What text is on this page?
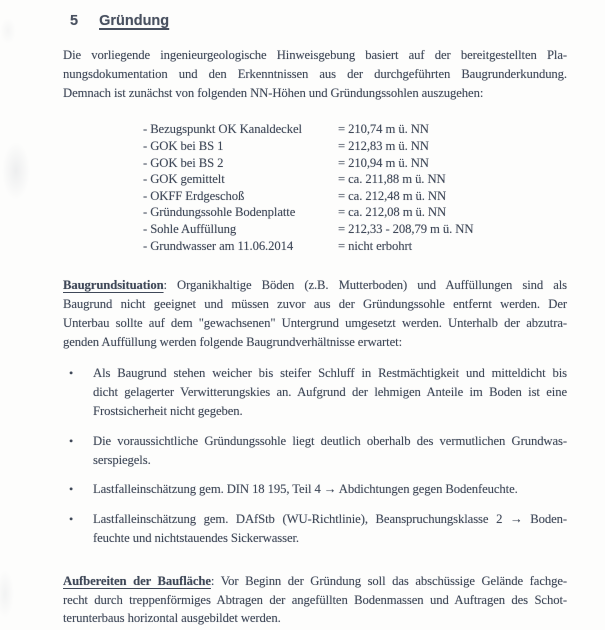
5 Gründung
Die vorliegende ingenieurgeologische Hinweisgebung basiert auf der bereitgestellten Pla-
nungsdokumentation und den Erkenntnissen aus der durchgeführten Baugrunderkundung.
Demnach ist zunächst von folgenden NN-Höhen und Gründungssohlen auszugehen:
- Bezugspunkt OK Kanaldeckel	= 210,74 m ü. NN
- GOK bei BS 1	= 212,83 m ü. NN
- GOK bei BS 2	= 210,94 m ü. NN
- GOK gemittelt	= ca. 211,88 m ü. NN
- OKFF Erdgeschoß	= ca. 212,48 m ü. NN
- Gründungssohle Bodenplatte	= ca. 212,08 m ü. NN
- Sohle Auffüllung	= 212,33 - 208,79 m ü. NN
- Grundwasser am 11.06.2014	= nicht erbohrt
Baugrundsituation: Organikhaltige Böden (z.B. Mutterboden) und Auffüllungen sind als
Baugrund nicht geeignet und müssen zuvor aus der Gründungssohle entfernt werden. Der
Unterbau sollte auf dem "gewachsenen" Untergrund umgesetzt werden. Unterhalb der abzutra-
genden Auffüllung werden folgende Baugrundverhältnisse erwartet:
•	Als Baugrund stehen weicher bis steifer Schluff in Restmächtigkeit und mitteldicht bis
dicht gelagerter Verwitterungskies an. Aufgrund der lehmigen Anteile im Boden ist eine
Frostsicherheit nicht gegeben.
•	Die voraussichtliche Gründungssohle liegt deutlich oberhalb des vermutlichen Grundwas-
serspiegels.
•	Lastfalleinschätzung gem. DIN 18 195, Teil 4 → Abdichtungen gegen Bodenfeuchte.
•	Lastfalleinschätzung gem. DAfStb (WU-Richtlinie), Beanspruchungsklasse 2 → Boden-
feuchte und nichtstauendes Sickerwasser.
Aufbereiten der Baufläche: Vor Beginn der Gründung soll das abschüssige Gelände fachge-
recht durch treppenförmiges Abtragen der angefüllten Bodenmassen und Auftragen des Schot-
terunterbaus horizontal ausgebildet werden.
